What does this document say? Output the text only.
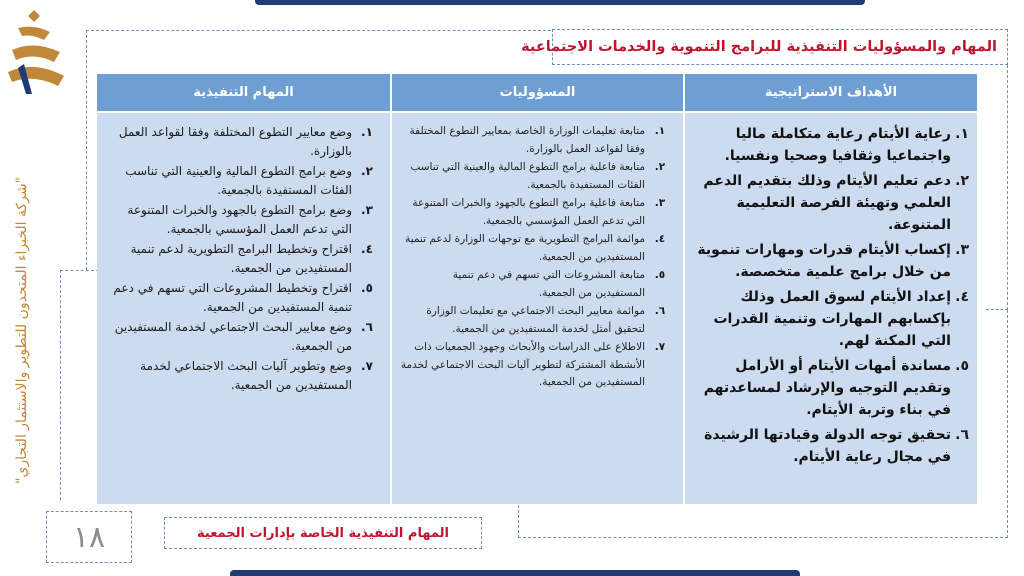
"شركة الخبراء المتحدون للتطوير والاستثمار التجاري"
المهام والمسؤوليات التنفيذية للبرامج التنموية والخدمات الاجتماعية
الأهداف الاستراتيجية
المسؤوليات
المهام التنفيذية
١.
رعاية الأيتام رعاية متكاملة ماليا واجتماعيا وثقافيا وصحيا ونفسيا.
٢.
دعم تعليم الأيتام وذلك بتقديم الدعم العلمي وتهيئة الفرصة التعليمية المتنوعة.
٣.
إكساب الأيتام قدرات ومهارات تنموية من خلال برامج علمية متخصصة.
٤.
إعداد الأيتام لسوق العمل وذلك بإكسابهم المهارات وتنمية القدرات التي المكنة لهم.
٥.
مساندة أمهات الأيتام أو الأرامل وتقديم التوجيه والإرشاد لمساعدتهم في بناء وتربة الأيتام.
٦.
تحقيق توجه الدولة وقيادتها الرشيدة في مجال رعاية الأيتام.
١.
متابعة تعليمات الوزارة الخاصة بمعايير التطوع المختلفة وفقا لقواعد العمل بالوزارة.
٢.
متابعة فاعلية برامج التطوع المالية والعينية التي تناسب الفئات المستفيدة بالجمعية.
٣.
متابعة فاعلية برامج التطوع بالجهود والخبرات المتنوعة التي تدعم العمل المؤسسي بالجمعية.
٤.
موائمة البرامج التطويرية مع توجهات الوزارة لدعم تنمية المستفيدين من الجمعية.
٥.
متابعة المشروعات التي تسهم في دعم تنمية المستفيدين من الجمعية.
٦.
موائمة معايير البحث الاجتماعي مع تعليمات الوزارة لتحقيق أمثل لخدمة المستفيدين من الجمعية.
٧.
الاطلاع على الدراسات والأبحاث وجهود الجمعيات ذات الأنشطة المشتركة لتطوير آليات البحث الاجتماعي لخدمة المستفيدين من الجمعية.
١.
وضع معايير التطوع المختلفة وفقا لقواعد العمل بالوزارة.
٢.
وضع برامج التطوع المالية والعينية التي تناسب الفئات المستفيدة بالجمعية.
٣.
وضع برامج التطوع بالجهود والخبرات المتنوعة التي تدعم العمل المؤسسي بالجمعية.
٤.
اقتراح وتخطيط البرامج التطويرية لدعم تنمية المستفيدين من الجمعية.
٥.
اقتراح وتخطيط المشروعات التي تسهم في دعم تنمية المستفيدين من الجمعية.
٦.
وضع معايير البحث الاجتماعي لخدمة المستفيدين من الجمعية.
٧.
وضع وتطوير آليات البحث الاجتماعي لخدمة المستفيدين من الجمعية.
١٨	المهام التنفيذية الخاصة بإدارات الجمعية
